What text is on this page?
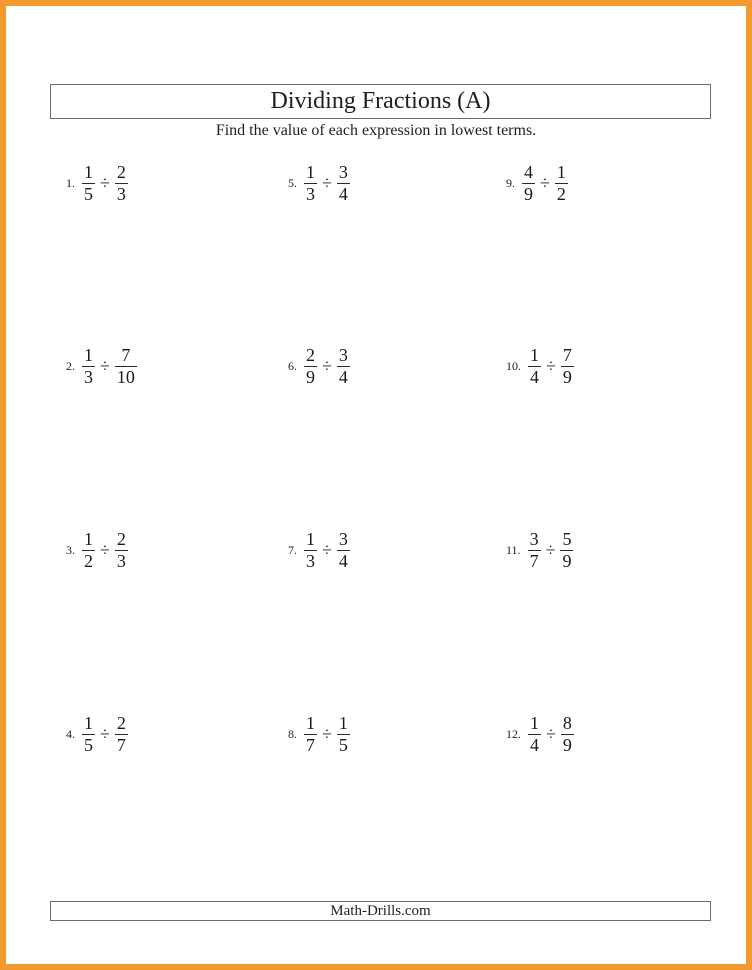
Dividing Fractions (A)
Find the value of each expression in lowest terms.
1. $\frac{1}{5} \div \frac{2}{3}$
2. $\frac{1}{3} \div \frac{7}{10}$
3. $\frac{1}{2} \div \frac{2}{3}$
4. $\frac{1}{5} \div \frac{2}{7}$
5. $\frac{1}{3} \div \frac{3}{4}$
6. $\frac{2}{9} \div \frac{3}{4}$
7. $\frac{1}{3} \div \frac{3}{4}$
8. $\frac{1}{7} \div \frac{1}{5}$
9. $\frac{4}{9} \div \frac{1}{2}$
10. $\frac{1}{4} \div \frac{7}{9}$
11. $\frac{3}{7} \div \frac{5}{9}$
12. $\frac{1}{4} \div \frac{8}{9}$
Math-Drills.com
